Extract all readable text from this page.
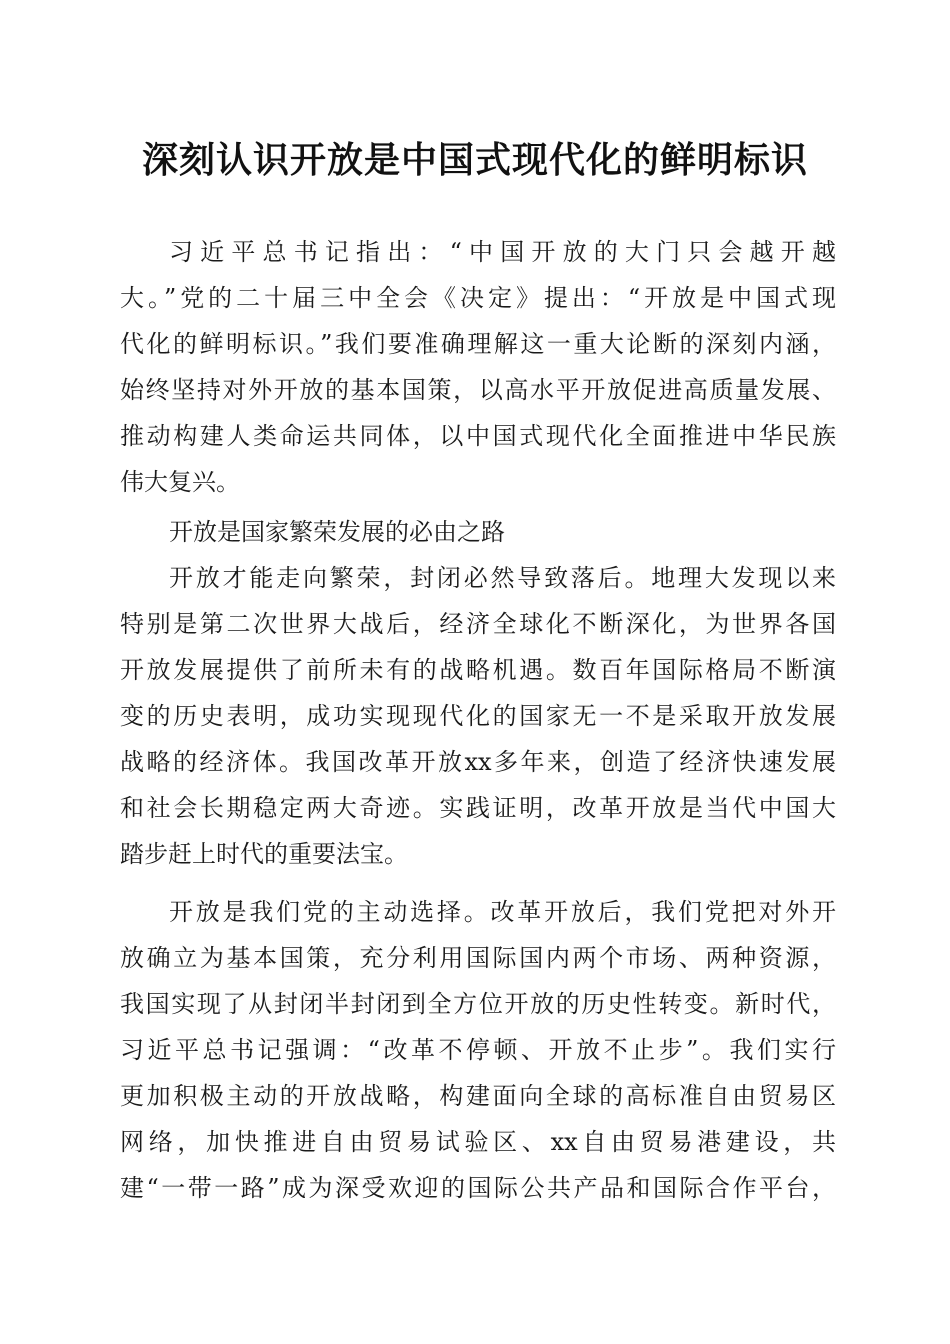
深刻认识开放是中国式现代化的鲜明标识
习近平总书记指出：“中国开放的大门只会越开越
大。”党的二十届三中全会《决定》提出：“开放是中国式现
代化的鲜明标识。”我们要准确理解这一重大论断的深刻内涵，
始终坚持对外开放的基本国策，以高水平开放促进高质量发展、
推动构建人类命运共同体，以中国式现代化全面推进中华民族
伟大复兴。
开放是国家繁荣发展的必由之路
开放才能走向繁荣，封闭必然导致落后。地理大发现以来
特别是第二次世界大战后，经济全球化不断深化，为世界各国
开放发展提供了前所未有的战略机遇。数百年国际格局不断演
变的历史表明，成功实现现代化的国家无一不是采取开放发展
战略的经济体。我国改革开放xx多年来，创造了经济快速发展
和社会长期稳定两大奇迹。实践证明，改革开放是当代中国大
踏步赶上时代的重要法宝。
开放是我们党的主动选择。改革开放后，我们党把对外开
放确立为基本国策，充分利用国际国内两个市场、两种资源，
我国实现了从封闭半封闭到全方位开放的历史性转变。新时代，
习近平总书记强调：“改革不停顿、开放不止步”。我们实行
更加积极主动的开放战略，构建面向全球的高标准自由贸易区
网络，加快推进自由贸易试验区、xx自由贸易港建设，共
建“一带一路”成为深受欢迎的国际公共产品和国际合作平台，
